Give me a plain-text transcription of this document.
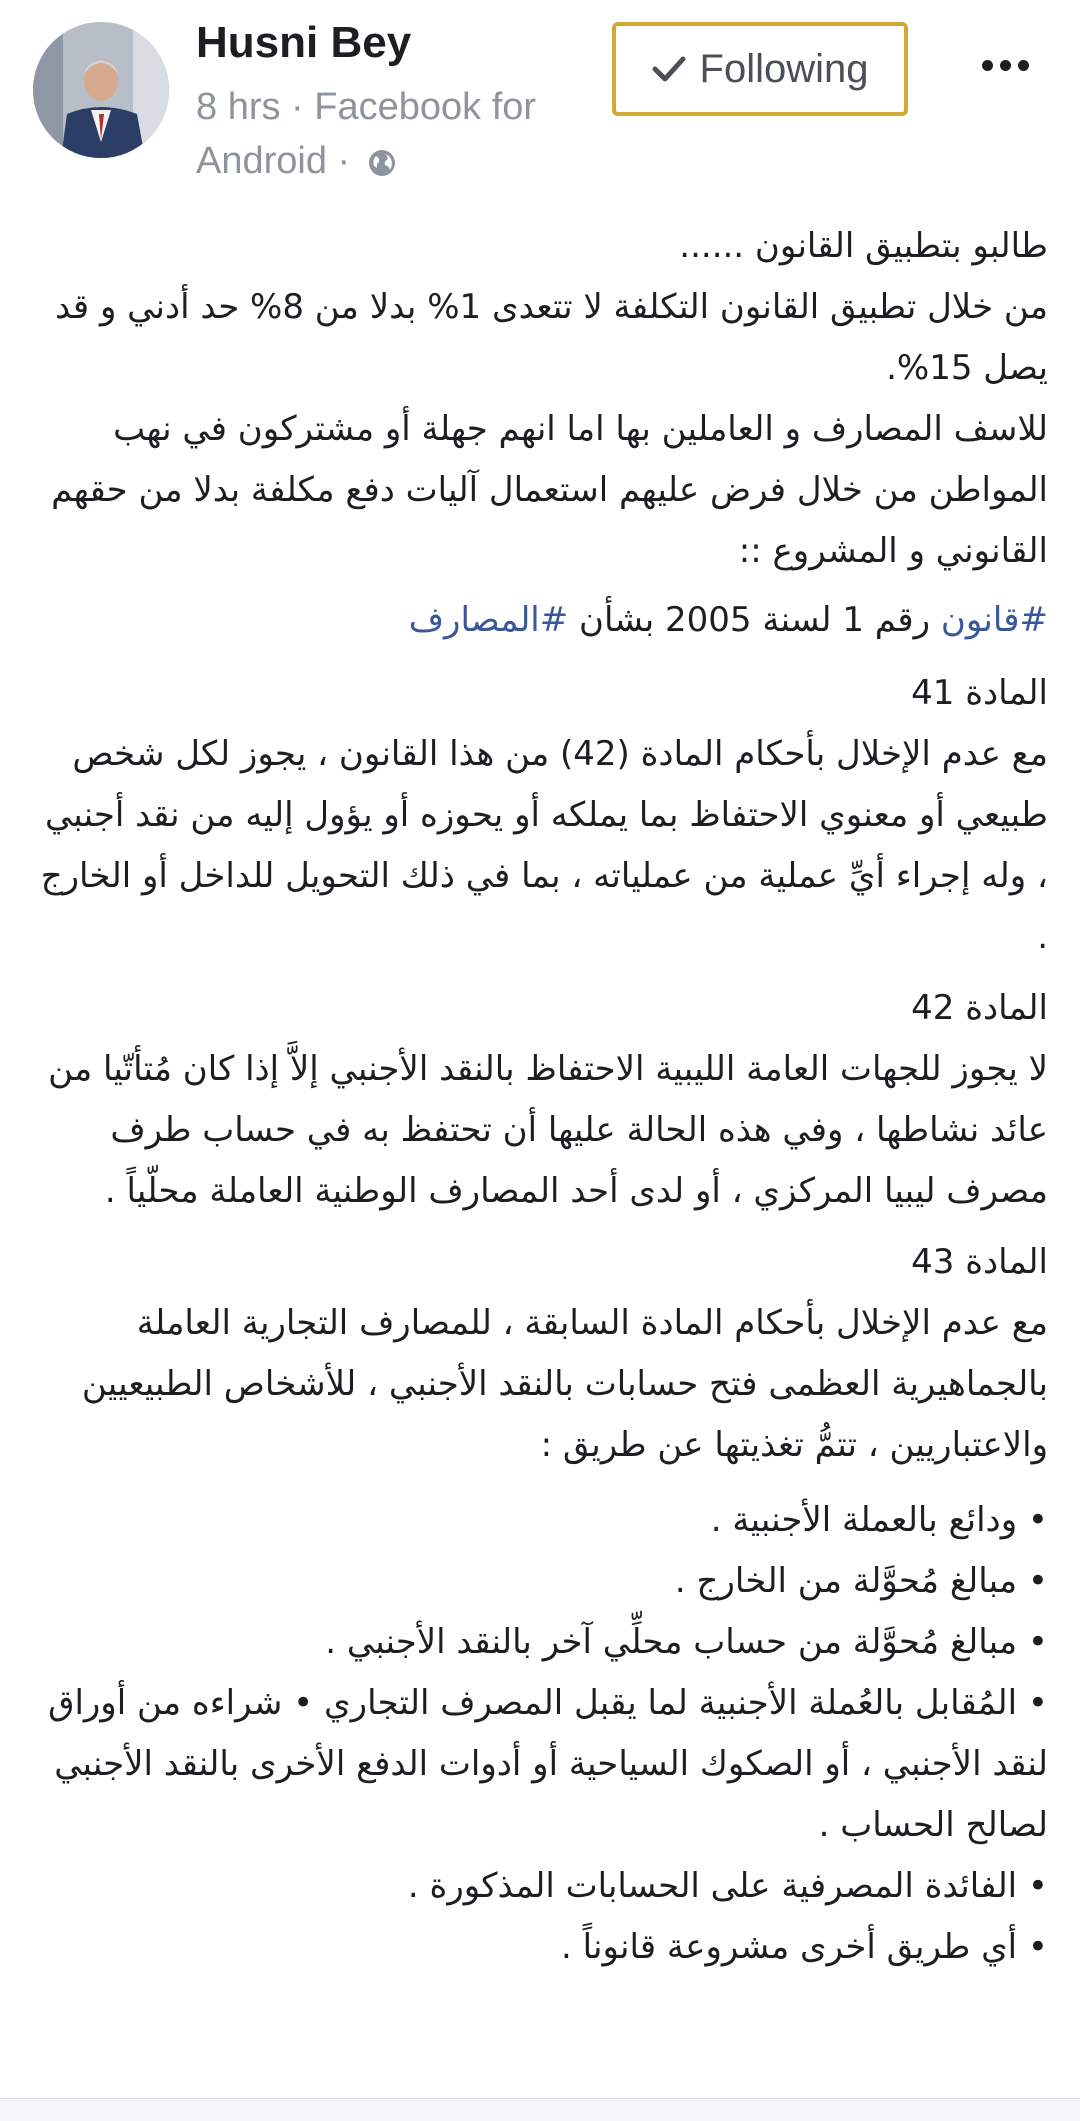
Husni Bey
8 hrs · Facebook for Android ·
Following
طالبو بتطبيق القانون ......
من خلال تطبيق القانون التكلفة لا تتعدى 1% بدلا من 8% حد أدني و قد يصل 15%.
للاسف المصارف و العاملين بها اما انهم جهلة أو مشتركون في نهب المواطن من خلال فرض عليهم استعمال آليات دفع مكلفة بدلا من حقهم القانوني و المشروع ::
#قانون رقم 1 لسنة 2005 بشأن #المصارف
المادة 41
مع عدم الإخلال بأحكام المادة (42) من هذا القانون ، يجوز لكل شخص طبيعي أو معنوي الاحتفاظ بما يملكه أو يحوزه أو يؤول إليه من نقد أجنبي ، وله إجراء أيِّ عملية من عملياته ، بما في ذلك التحويل للداخل أو الخارج .
المادة 42
لا يجوز للجهات العامة الليبية الاحتفاظ بالنقد الأجنبي إلاَّ إذا كان مُتأتّيا من عائد نشاطها ، وفي هذه الحالة عليها أن تحتفظ به في حساب طرف مصرف ليبيا المركزي ، أو لدى أحد المصارف الوطنية العاملة محلّياً .
المادة 43
مع عدم الإخلال بأحكام المادة السابقة ، للمصارف التجارية العاملة بالجماهيرية العظمى فتح حسابات بالنقد الأجنبي ، للأشخاص الطبيعيين والاعتباريين ، تتمُّ تغذيتها عن طريق :
• ودائع بالعملة الأجنبية .
• مبالغ مُحوَّلة من الخارج .
• مبالغ مُحوَّلة من حساب محلِّي آخر بالنقد الأجنبي .
• المُقابل بالعُملة الأجنبية لما يقبل المصرف التجاري • شراءه من أوراق لنقد الأجنبي ، أو الصكوك السياحية أو أدوات الدفع الأخرى بالنقد الأجنبي لصالح الحساب .
• الفائدة المصرفية على الحسابات المذكورة .
• أي طريق أخرى مشروعة قانوناً .
